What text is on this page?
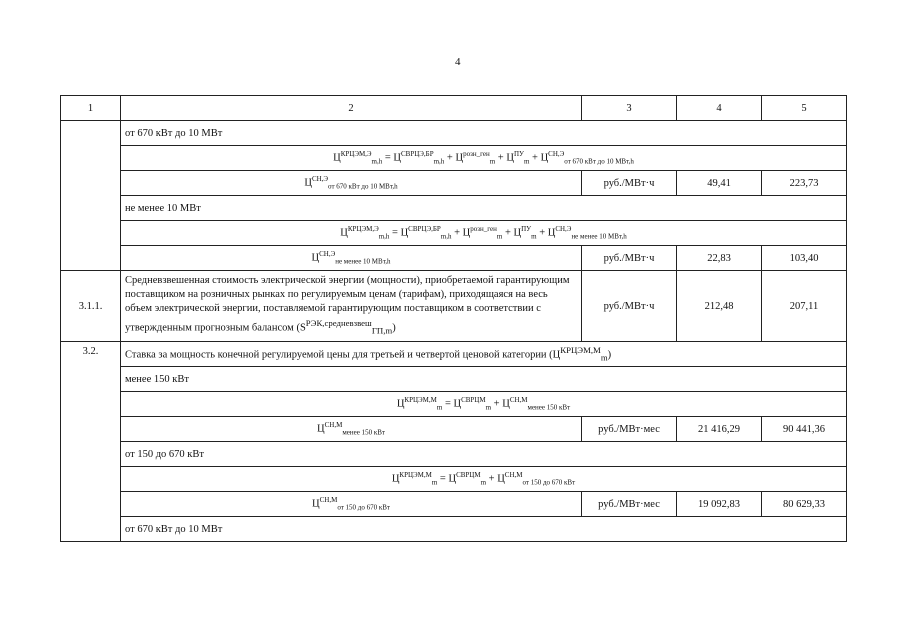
4
1	2	3	4	5
	от 670 кВт до 10 МВт			
	$Ц^{КРЦЭМ,Э}_{m,h} = Ц^{СВРЦЭ,БР}_{m,h} + Ц^{розн\_ген}_m + Ц^{ПУ}_m + Ц^{СН,Э}_{от 670 кВт до 10 МВт,h}$
	$Ц^{СН,Э}_{от 670 кВт до 10 МВт,h}$	руб./МВт·ч	49,41	223,73
	не менее 10 МВт			
	$Ц^{КРЦЭМ,Э}_{m,h} = Ц^{СВРЦЭ,БР}_{m,h} + Ц^{розн\_ген}_m + Ц^{ПУ}_m + Ц^{СН,Э}_{не менее 10 МВт,h}$
	$Ц^{СН,Э}_{не менее 10 МВт,h}$	руб./МВт·ч	22,83	103,40
3.1.1.	Средневзвешенная стоимость электрической энергии (мощности), приобретаемой гарантирующим поставщиком на розничных рынках по регулируемым ценам (тарифам), приходящаяся на весь объем электрической энергии, поставляемой гарантирующим поставщиком в соответствии с утвержденным прогнозным балансом $(S^{РЭК,средневзвеш}_{ГП,m})$	руб./МВт·ч	212,48	207,11
3.2.	Ставка за мощность конечной регулируемой цены для третьей и четвертой ценовой категории $(Ц^{КРЦЭМ,М}_m)$			
	менее 150 кВт			
	$Ц^{КРЦЭМ,М}_m = Ц^{СВРЦМ}_m + Ц^{СН,М}_{менее 150 кВт}$
	$Ц^{СН,М}_{менее 150 кВт}$	руб./МВт·мес	21 416,29	90 441,36
	от 150 до 670 кВт			
	$Ц^{КРЦЭМ,М}_m = Ц^{СВРЦМ}_m + Ц^{СН,М}_{от 150 до 670 кВт}$
	$Ц^{СН,М}_{от 150 до 670 кВт}$	руб./МВт·мес	19 092,83	80 629,33
	от 670 кВт до 10 МВт			
